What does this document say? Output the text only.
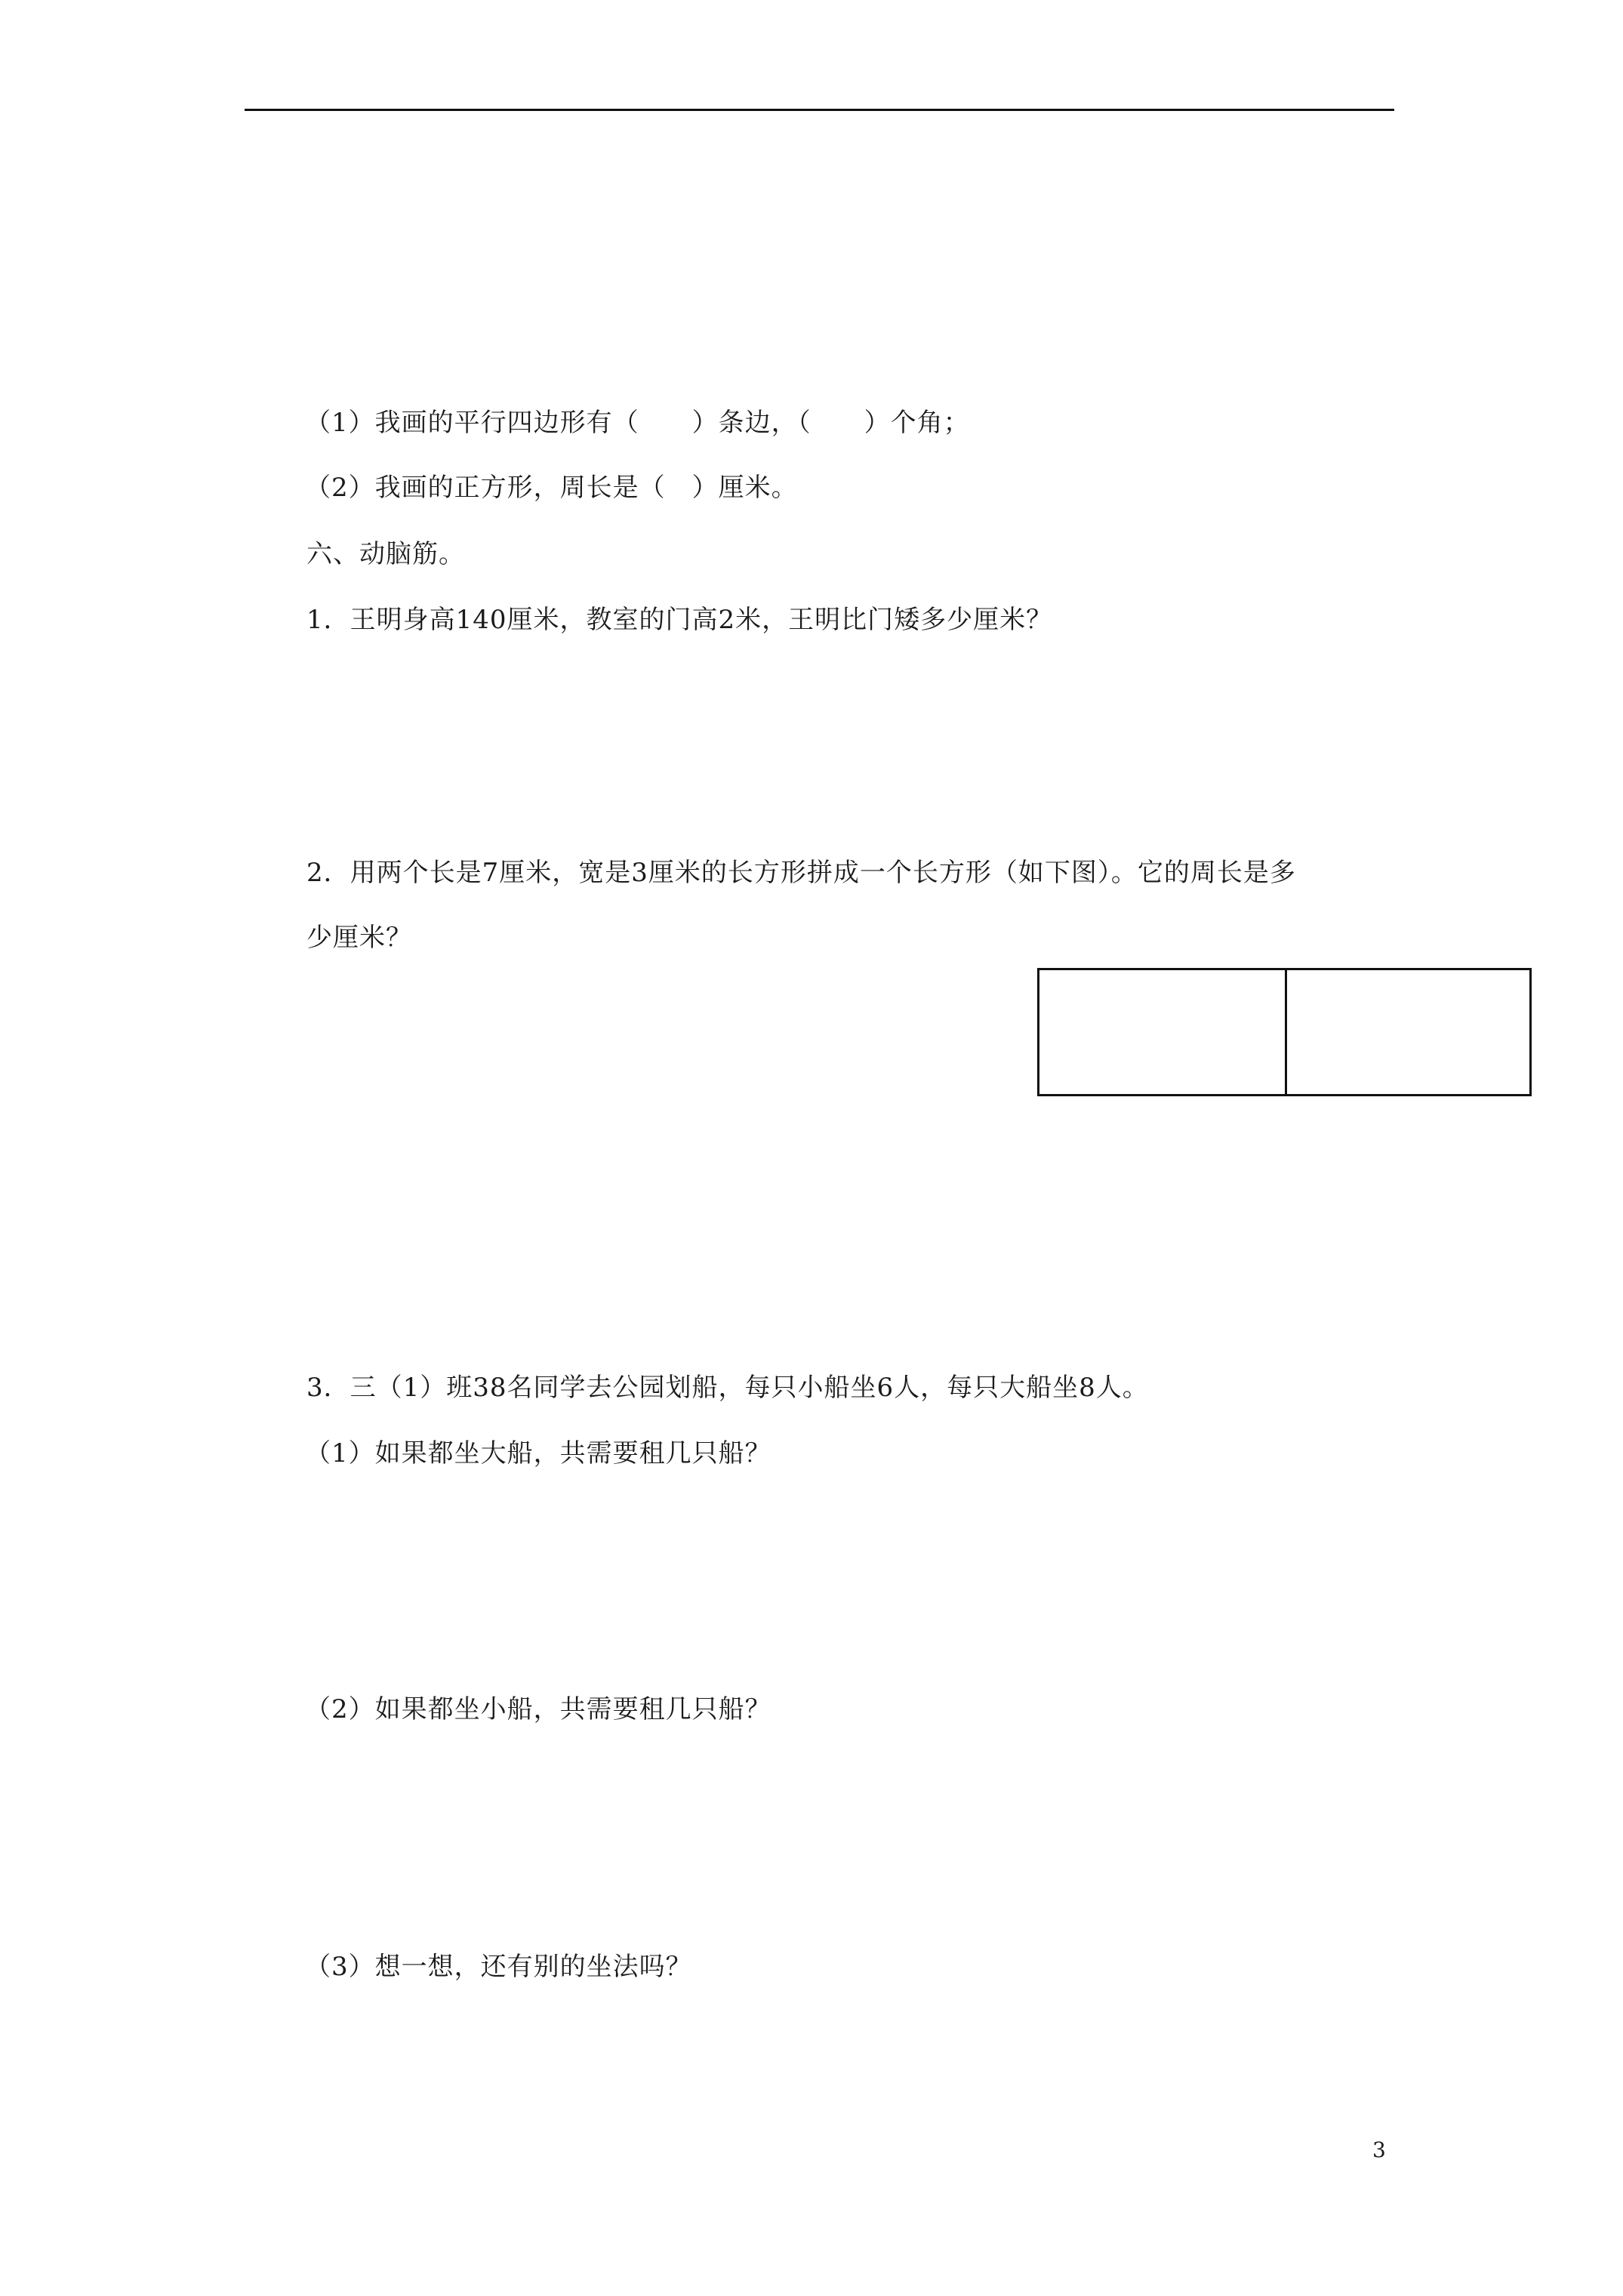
（1）我画的平行四边形有（　　）条边，（　　）个角；
（2）我画的正方形，周长是（　）厘米。
六、动脑筋。
1．王明身高140厘米，教室的门高2米，王明比门矮多少厘米？
2．用两个长是7厘米，宽是3厘米的长方形拼成一个长方形（如下图）。它的周长是多
少厘米？
3．三（1）班38名同学去公园划船，每只小船坐6人，每只大船坐8人。
（1）如果都坐大船，共需要租几只船？
（2）如果都坐小船，共需要租几只船？
（3）想一想，还有别的坐法吗？
3
